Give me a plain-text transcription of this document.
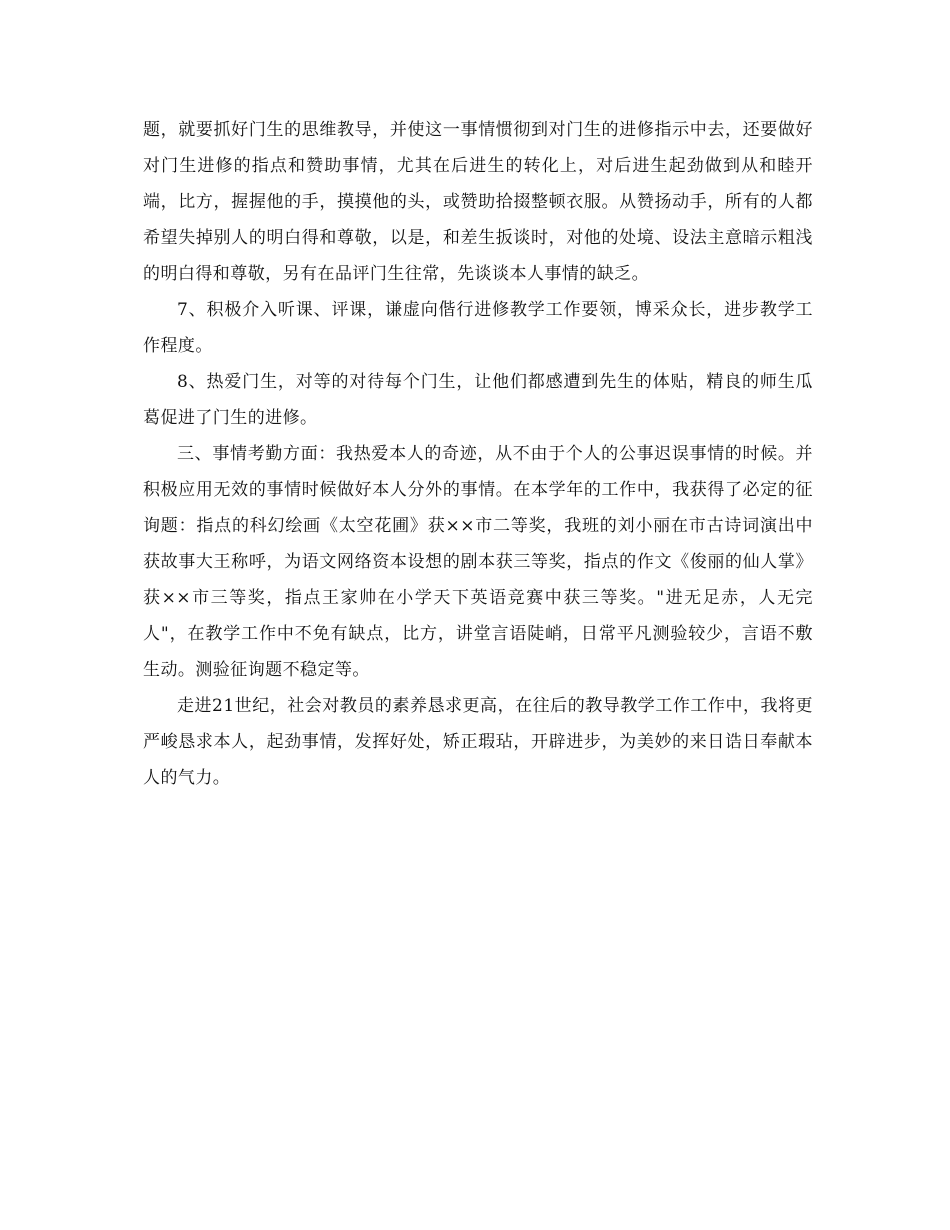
题，就要抓好门生的思维教导，并使这一事情惯彻到对门生的进修指示中去，还要做好对门生进修的指点和赞助事情，尤其在后进生的转化上，对后进生起劲做到从和睦开端，比方，握握他的手，摸摸他的头，或赞助拾掇整顿衣服。从赞扬动手，所有的人都希望失掉别人的明白得和尊敬，以是，和差生扳谈时，对他的处境、设法主意暗示粗浅的明白得和尊敬，另有在品评门生往常，先谈谈本人事情的缺乏。

7、积极介入听课、评课，谦虚向偕行进修教学工作要领，博采众长，进步教学工作程度。

8、热爱门生，对等的对待每个门生，让他们都感遭到先生的体贴，精良的师生瓜葛促进了门生的进修。

三、事情考勤方面：我热爱本人的奇迹，从不由于个人的公事迟误事情的时候。并积极应用无效的事情时候做好本人分外的事情。在本学年的工作中，我获得了必定的征询题：指点的科幻绘画《太空花圃》获××市二等奖，我班的刘小丽在市古诗词演出中获故事大王称呼，为语文网络资本设想的剧本获三等奖，指点的作文《俊丽的仙人掌》获××市三等奖，指点王家帅在小学天下英语竞赛中获三等奖。"进无足赤，人无完人"，在教学工作中不免有缺点，比方，讲堂言语陡峭，日常平凡测验较少，言语不敷生动。测验征询题不稳定等。

走进21世纪，社会对教员的素养恳求更高，在往后的教导教学工作工作中，我将更严峻恳求本人，起劲事情，发挥好处，矫正瑕玷，开辟进步，为美妙的来日诰日奉献本人的气力。
